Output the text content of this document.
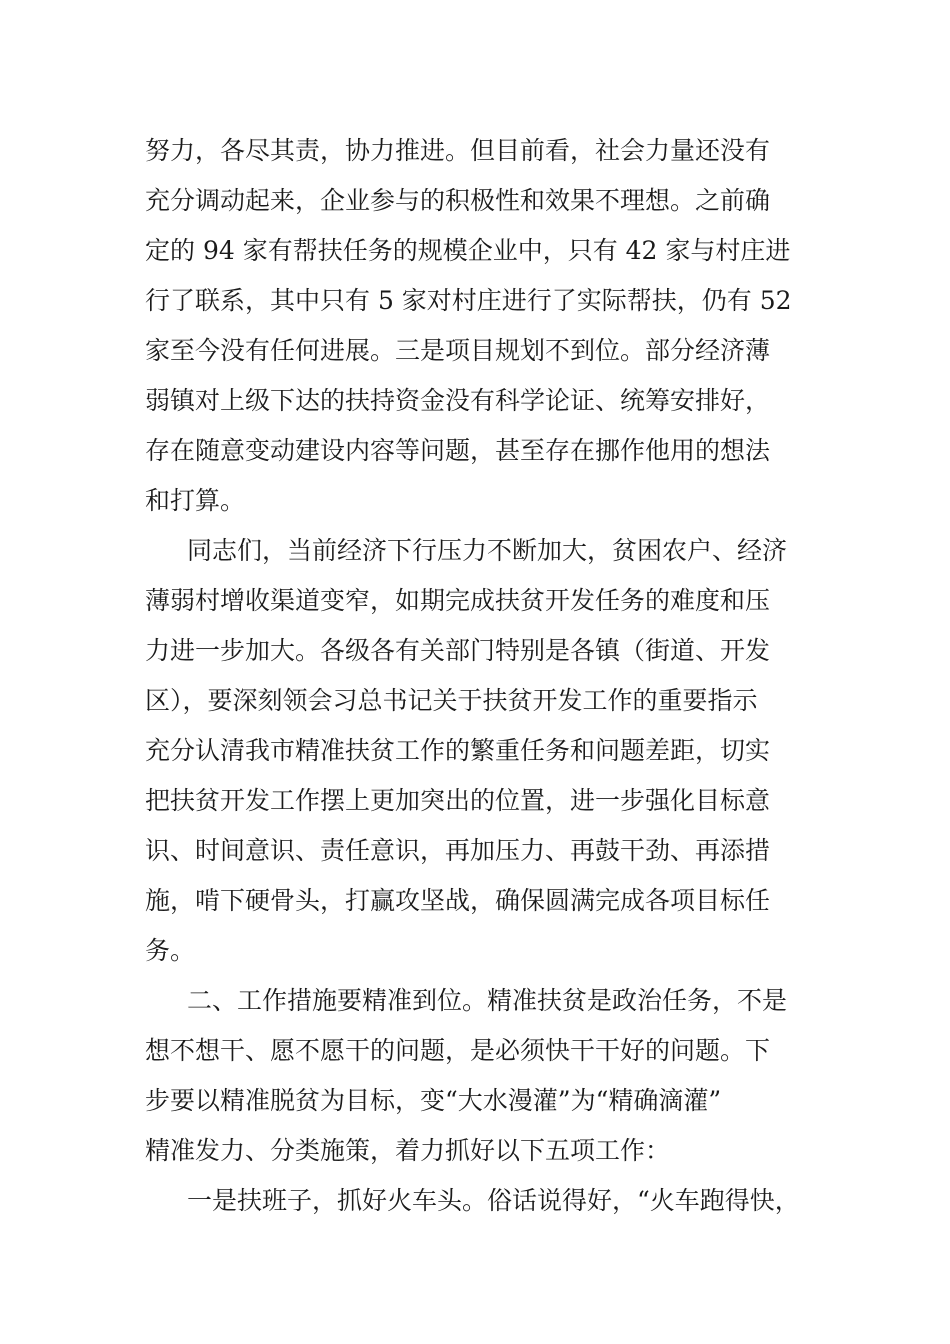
努力，各尽其责，协力推进。但目前看，社会力量还没有
充分调动起来，企业参与的积极性和效果不理想。之前确
定的 94 家有帮扶任务的规模企业中，只有 42 家与村庄进
行了联系，其中只有 5 家对村庄进行了实际帮扶，仍有 52
家至今没有任何进展。三是项目规划不到位。部分经济薄
弱镇对上级下达的扶持资金没有科学论证、统筹安排好，
存在随意变动建设内容等问题，甚至存在挪作他用的想法
和打算。
同志们，当前经济下行压力不断加大，贫困农户、经济
薄弱村增收渠道变窄，如期完成扶贫开发任务的难度和压
力进一步加大。各级各有关部门特别是各镇（街道、开发
区），要深刻领会习总书记关于扶贫开发工作的重要指示
充分认清我市精准扶贫工作的繁重任务和问题差距，切实
把扶贫开发工作摆上更加突出的位置，进一步强化目标意
识、时间意识、责任意识，再加压力、再鼓干劲、再添措
施，啃下硬骨头，打赢攻坚战，确保圆满完成各项目标任
务。
二、工作措施要精准到位。精准扶贫是政治任务，不是
想不想干、愿不愿干的问题，是必须快干干好的问题。下
步要以精准脱贫为目标，变“大水漫灌”为“精确滴灌”
精准发力、分类施策，着力抓好以下五项工作：
一是扶班子，抓好火车头。俗话说得好，“火车跑得快，
